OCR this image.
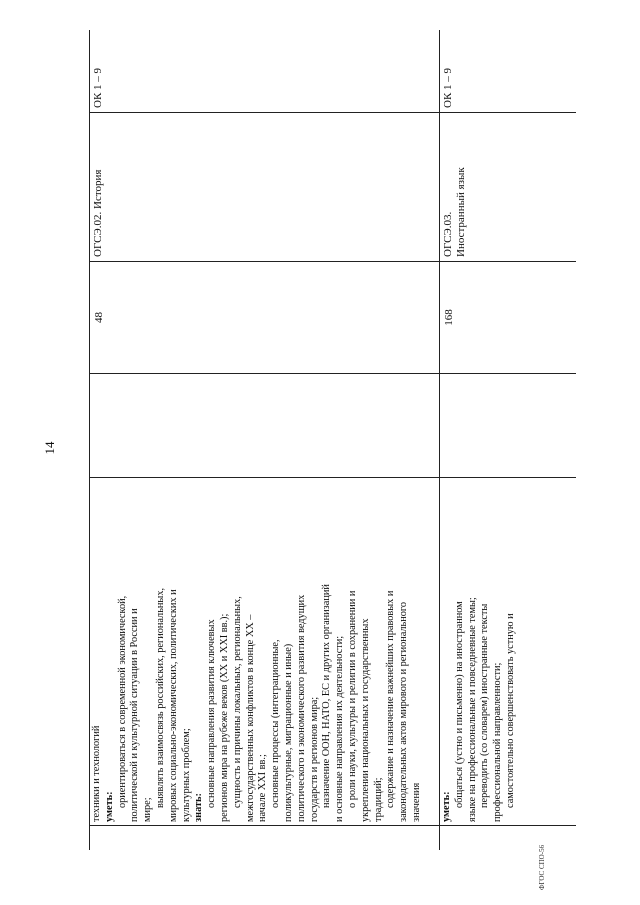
14
ФГОС СПО-56
техники и технологий уметь: ориентироваться в современной экономической, политической и культурной ситуации в России и мире;
выявлять взаимосвязь российских, региональных, мировых социально-экономических, политических и культурных проблем; знать: основные направления развития ключевых регионов мира на рубеже веков (XX и XXI вв.); сущность и причины локальных, региональных, межгосударственных конфликтов в конце XX – начале XXI вв.; основные процессы (интеграционные, поликультурные, миграционные и иные) политического и экономического развития ведущих государств и регионов мира; назначение ООН, НАТО, ЕС и других организаций и основные направления их деятельности; о роли науки, культуры и религии в сохранении и укреплении национальных и государственных традиций; содержание и назначение важнейших правовых и законодательных актов мирового и регионального значения
48
ОГСЭ.02. История
ОК 1 – 9
уметь: общаться (устно и письменно) на иностранном языке на профессиональные и повседневные темы; переводить (со словарем) иностранные тексты профессиональной направленности; самостоятельно совершенствовать устную и
168
ОГСЭ.03. Иностранный язык
ОК 1 – 9
